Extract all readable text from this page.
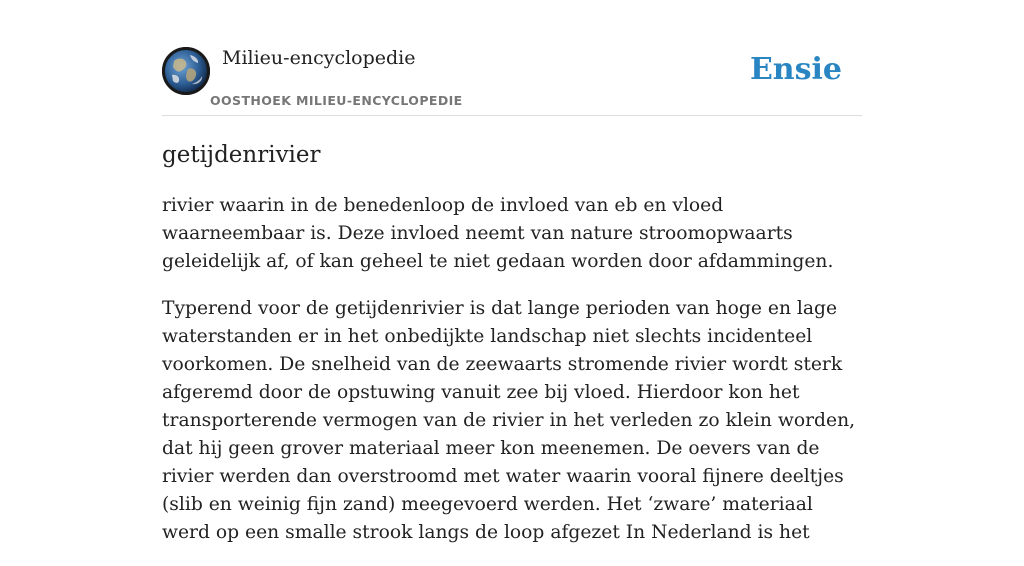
Milieu-encyclopedie
OOSTHOEK MILIEU-ENCYCLOPEDIE
Ensie
getijdenrivier

rivier waarin in de benedenloop de invloed van eb en vloed waarneembaar is. Deze invloed neemt van nature stroomopwaarts geleidelijk af, of kan geheel te niet gedaan worden door afdammingen.

Typerend voor de getijdenrivier is dat lange perioden van hoge en lage waterstanden er in het onbedijkte landschap niet slechts incidenteel voorkomen. De snelheid van de zeewaarts stromende rivier wordt sterk afgeremd door de opstuwing vanuit zee bij vloed. Hierdoor kon het transporterende vermogen van de rivier in het verleden zo klein worden, dat hij geen grover materiaal meer kon meenemen. De oevers van de rivier werden dan overstroomd met water waarin vooral fijnere deeltjes (slib en weinig fijn zand) meegevoerd werden. Het ‘zware’ materiaal werd op een smalle strook langs de loop afgezet In Nederland is het
